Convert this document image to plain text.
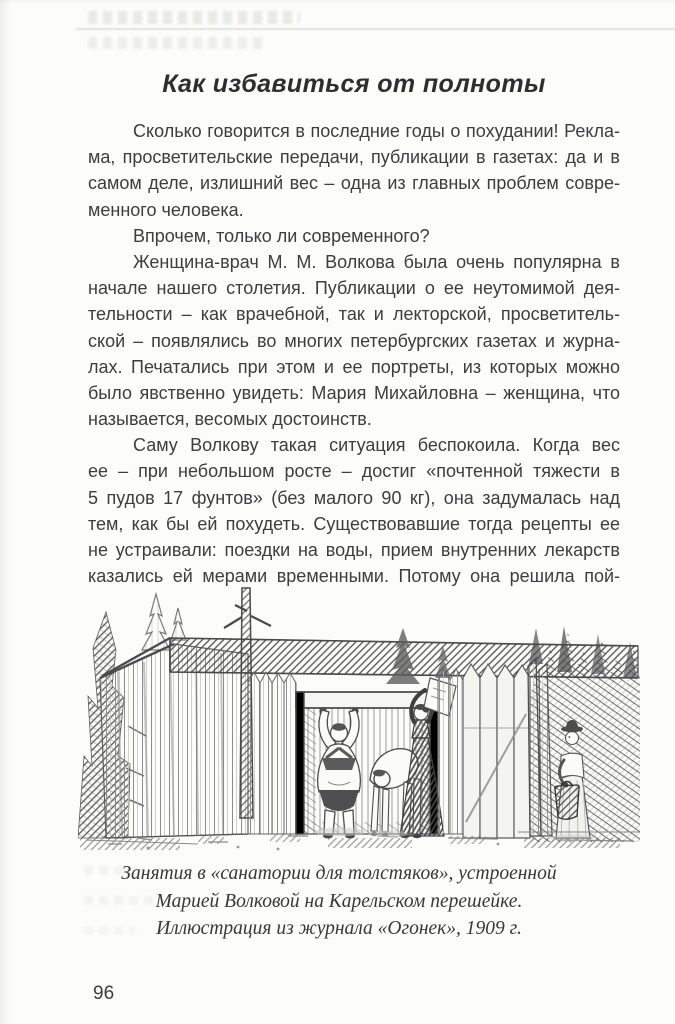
Как избавиться от полноты
Сколько говорится в последние годы о похудании! Рекла-
ма, просветительские передачи, публикации в газетах: да и в
самом деле, излишний вес – одна из главных проблем совре-
менного человека.
Впрочем, только ли современного?
Женщина-врач М. М. Волкова была очень популярна в
начале нашего столетия. Публикации о ее неутомимой дея-
тельности – как врачебной, так и лекторской, просветитель-
ской – появлялись во многих петербургских газетах и журна-
лах. Печатались при этом и ее портреты, из которых можно
было явственно увидеть: Мария Михайловна – женщина, что
называется, весомых достоинств.
Саму Волкову такая ситуация беспокоила. Когда вес
ее – при небольшом росте – достиг «почтенной тяжести в
5 пудов 17 фунтов» (без малого 90 кг), она задумалась над
тем, как бы ей похудеть. Существовавшие тогда рецепты ее
не устраивали: поездки на воды, прием внутренних лекарств
казались ей мерами временными. Потому она решила пой-
Занятия в «санатории для толстяков», устроенной
Марией Волковой на Карельском перешейке.
Иллюстрация из журнала «Огонек», 1909 г.
96
